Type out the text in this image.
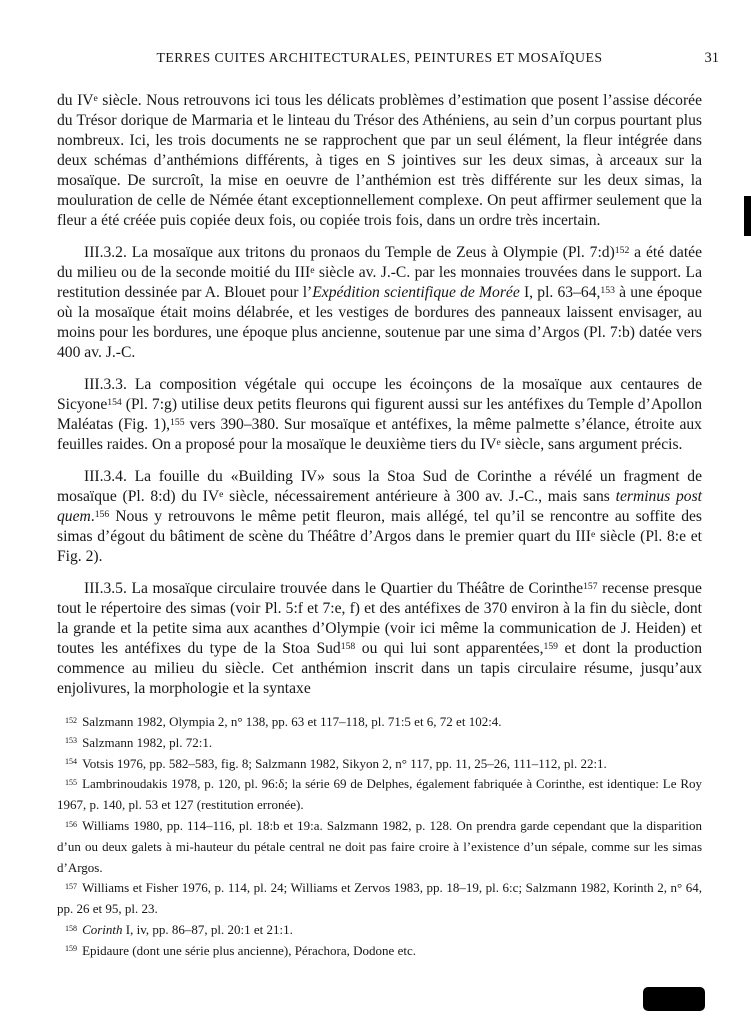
TERRES CUITES ARCHITECTURALES, PEINTURES ET MOSAÏQUES	31

du IVe siècle. Nous retrouvons ici tous les délicats problèmes d’estimation que posent l’assise décorée du Trésor dorique de Marmaria et le linteau du Trésor des Athéniens, au sein d’un corpus pourtant plus nombreux. Ici, les trois documents ne se rapprochent que par un seul élément, la fleur intégrée dans deux schémas d’anthémions différents, à tiges en S jointives sur les deux simas, à arceaux sur la mosaïque. De surcroît, la mise en oeuvre de l’anthémion est très différente sur les deux simas, la mouluration de celle de Némée étant exceptionnellement complexe. On peut affirmer seulement que la fleur a été créée puis copiée deux fois, ou copiée trois fois, dans un ordre très incertain.

III.3.2. La mosaïque aux tritons du pronaos du Temple de Zeus à Olympie (Pl. 7:d)$^{152}$ a été datée du milieu ou de la seconde moitié du IIIe siècle av. J.-C. par les monnaies trouvées dans le support. La restitution dessinée par A. Blouet pour l’Expédition scientifique de Morée I, pl. 63–64,$^{153}$ à une époque où la mosaïque était moins délabrée, et les vestiges de bordures des panneaux laissent envisager, au moins pour les bordures, une époque plus ancienne, soutenue par une sima d’Argos (Pl. 7:b) datée vers 400 av. J.-C.

III.3.3. La composition végétale qui occupe les écoinçons de la mosaïque aux centaures de Sicyone$^{154}$ (Pl. 7:g) utilise deux petits fleurons qui figurent aussi sur les antéfixes du Temple d’Apollon Maléatas (Fig. 1),$^{155}$ vers 390–380. Sur mosaïque et antéfixes, la même palmette s’élance, étroite aux feuilles raides. On a proposé pour la mosaïque le deuxième tiers du IVe siècle, sans argument précis.

III.3.4. La fouille du «Building IV» sous la Stoa Sud de Corinthe a révélé un fragment de mosaïque (Pl. 8:d) du IVe siècle, nécessairement antérieure à 300 av. J.-C., mais sans terminus post quem.$^{156}$ Nous y retrouvons le même petit fleuron, mais allégé, tel qu’il se rencontre au soffite des simas d’égout du bâtiment de scène du Théâtre d’Argos dans le premier quart du IIIe siècle (Pl. 8:e et Fig. 2).

III.3.5. La mosaïque circulaire trouvée dans le Quartier du Théâtre de Corinthe$^{157}$ recense presque tout le répertoire des simas (voir Pl. 5:f et 7:e, f) et des antéfixes de 370 environ à la fin du siècle, dont la grande et la petite sima aux acanthes d’Olympie (voir ici même la communication de J. Heiden) et toutes les antéfixes du type de la Stoa Sud$^{158}$ ou qui lui sont apparentées,$^{159}$ et dont la production commence au milieu du siècle. Cet anthémion inscrit dans un tapis circulaire résume, jusqu’aux enjolivures, la morphologie et la syntaxe

$^{152}$ Salzmann 1982, Olympia 2, n° 138, pp. 63 et 117–118, pl. 71:5 et 6, 72 et 102:4.

$^{153}$ Salzmann 1982, pl. 72:1.

$^{154}$ Votsis 1976, pp. 582–583, fig. 8; Salzmann 1982, Sikyon 2, n° 117, pp. 11, 25–26, 111–112, pl. 22:1.

$^{155}$ Lambrinoudakis 1978, p. 120, pl. 96:δ; la série 69 de Delphes, également fabriquée à Corinthe, est identique: Le Roy 1967, p. 140, pl. 53 et 127 (restitution erronée).

$^{156}$ Williams 1980, pp. 114–116, pl. 18:b et 19:a. Salzmann 1982, p. 128. On prendra garde cependant que la disparition d’un ou deux galets à mi-hauteur du pétale central ne doit pas faire croire à l’existence d’un sépale, comme sur les simas d’Argos.

$^{157}$ Williams et Fisher 1976, p. 114, pl. 24; Williams et Zervos 1983, pp. 18–19, pl. 6:c; Salzmann 1982, Korinth 2, n° 64, pp. 26 et 95, pl. 23.

$^{158}$ Corinth I, iv, pp. 86–87, pl. 20:1 et 21:1.

$^{159}$ Epidaure (dont une série plus ancienne), Pérachora, Dodone etc.
